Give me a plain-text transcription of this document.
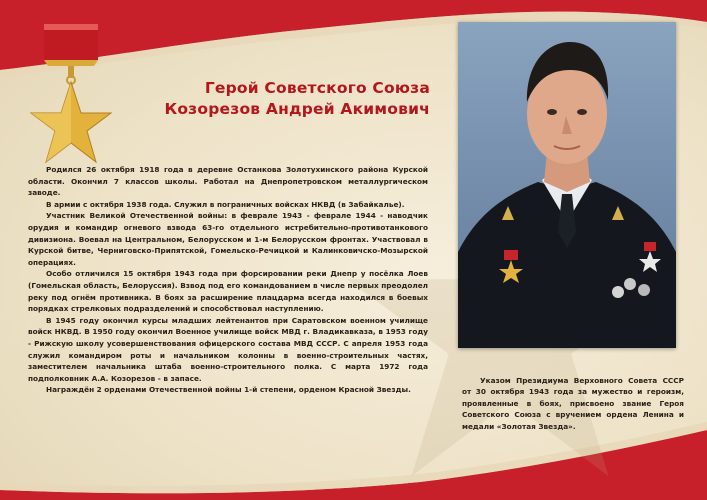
Герой Советского Союза
Козорезов Андрей Акимович

Родился 26 октября 1918 года в деревне Останкова Золотухинского района Курской области. Окончил 7 классов школы. Работал на Днепропетровском металлургическом заводе.

В армии с октября 1938 года. Служил в пограничных войсках НКВД (в Забайкалье).

Участник Великой Отечественной войны: в феврале 1943 - феврале 1944 - наводчик орудия и командир огневого взвода 63-го отдельного истребительно-противотанкового дивизиона. Воевал на Центральном, Белорусском и 1-м Белорусском фронтах. Участвовал в Курской битве, Черниговско-Припятской, Гомельско-Речицкой и Калинковичско-Мозырской операциях.

Особо отличился 15 октября 1943 года при форсировании реки Днепр у посёлка Лоев (Гомельская область, Белоруссия). Взвод под его командованием в числе первых преодолел реку под огнём противника. В боях за расширение плацдарма всегда находился в боевых порядках стрелковых подразделений и способствовал наступлению.

В 1945 году окончил курсы младших лейтенантов при Саратовском военном училище войск НКВД. В 1950 году окончил Военное училище войск МВД г. Владикавказа, в 1953 году - Рижскую школу усовершенствования офицерского состава МВД СССР. С апреля 1953 года служил командиром роты и начальником колонны в военно-строительных частях, заместителем начальника штаба военно-строительного полка. С марта 1972 года подполковник А.А. Козорезов - в запасе.

Награждён 2 орденами Отечественной войны 1-й степени, орденом Красной Звезды.

Указом Президиума Верховного Совета СССР от 30 октября 1943 года за мужество и героизм, проявленные в боях, присвоено звание Героя Советского Союза с вручением ордена Ленина и медали «Золотая Звезда».
